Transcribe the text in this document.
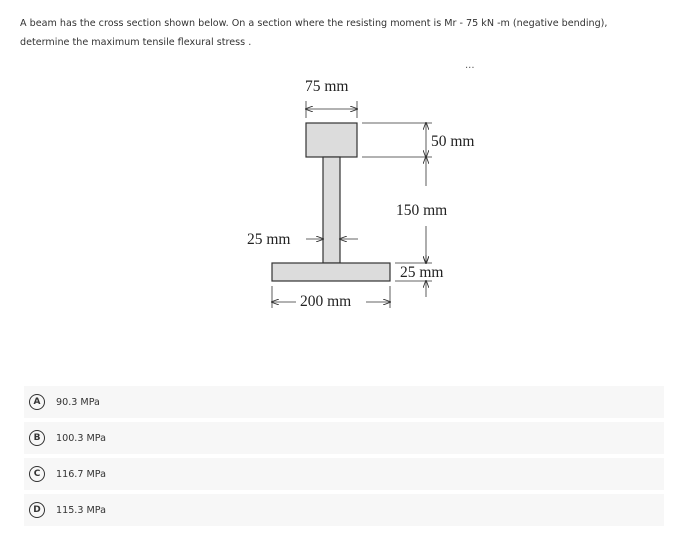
A beam has the cross section shown below. On a section where the resisting moment is Mr - 75 kN -m (negative bending),
determine the maximum tensile flexural stress .
...
75 mm
50 mm
150 mm
25 mm
25 mm
200 mm
A	90.3 MPa
B	100.3 MPa
C	116.7 MPa
D	115.3 MPa
